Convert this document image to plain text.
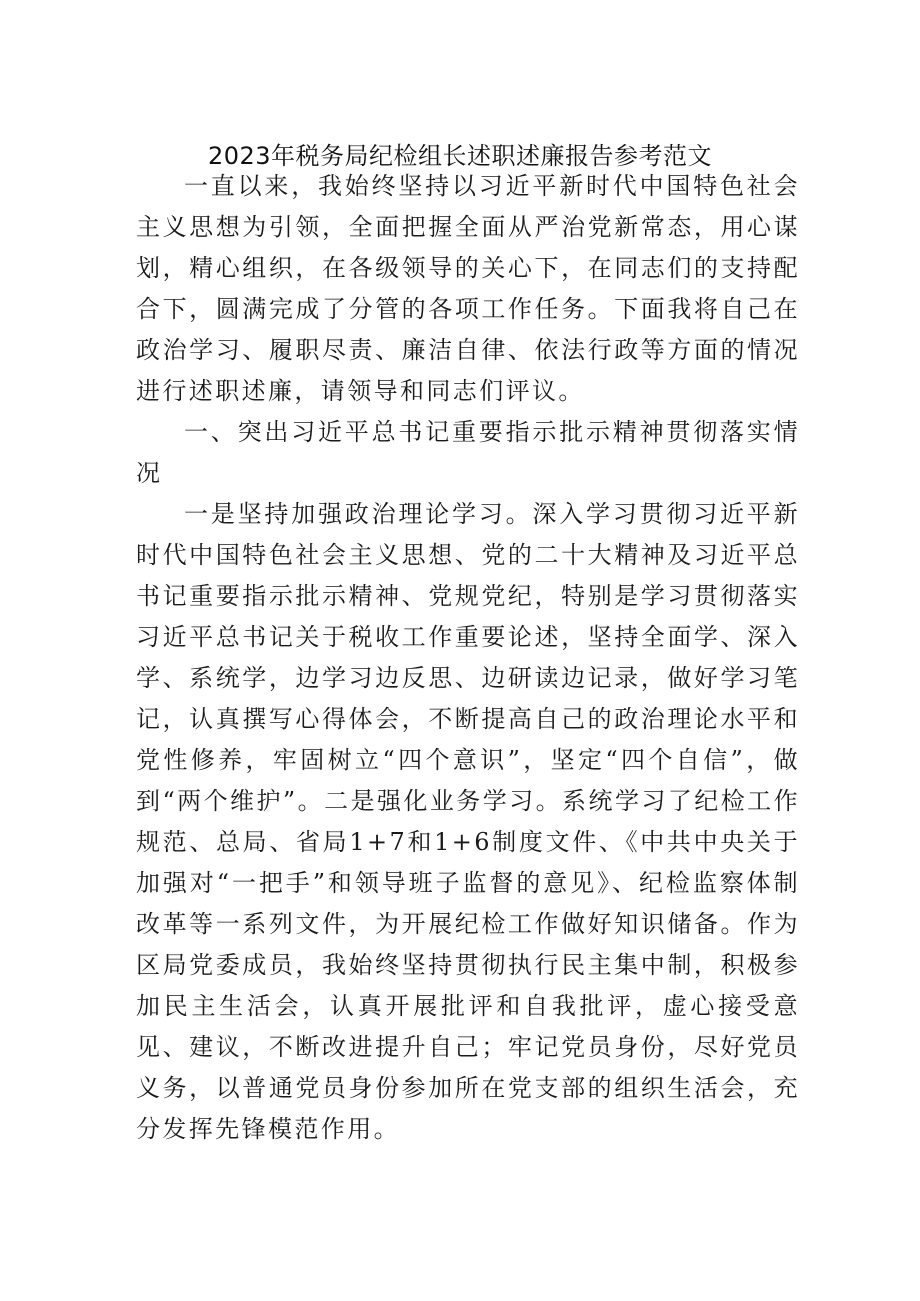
2023年税务局纪检组长述职述廉报告参考范文

一直以来，我始终坚持以习近平新时代中国特色社会主义思想为引领，全面把握全面从严治党新常态，用心谋划，精心组织，在各级领导的关心下，在同志们的支持配合下，圆满完成了分管的各项工作任务。下面我将自己在政治学习、履职尽责、廉洁自律、依法行政等方面的情况进行述职述廉，请领导和同志们评议。

一、突出习近平总书记重要指示批示精神贯彻落实情况

一是坚持加强政治理论学习。深入学习贯彻习近平新时代中国特色社会主义思想、党的二十大精神及习近平总书记重要指示批示精神、党规党纪，特别是学习贯彻落实习近平总书记关于税收工作重要论述，坚持全面学、深入学、系统学，边学习边反思、边研读边记录，做好学习笔记，认真撰写心得体会，不断提高自己的政治理论水平和党性修养，牢固树立“四个意识”，坚定“四个自信”，做到“两个维护”。二是强化业务学习。系统学习了纪检工作规范、总局、省局1+7和1+6制度文件、《中共中央关于加强对“一把手”和领导班子监督的意见》、纪检监察体制改革等一系列文件，为开展纪检工作做好知识储备。作为区局党委成员，我始终坚持贯彻执行民主集中制，积极参加民主生活会，认真开展批评和自我批评，虚心接受意见、建议，不断改进提升自己；牢记党员身份，尽好党员义务，以普通党员身份参加所在党支部的组织生活会，充分发挥先锋模范作用。
